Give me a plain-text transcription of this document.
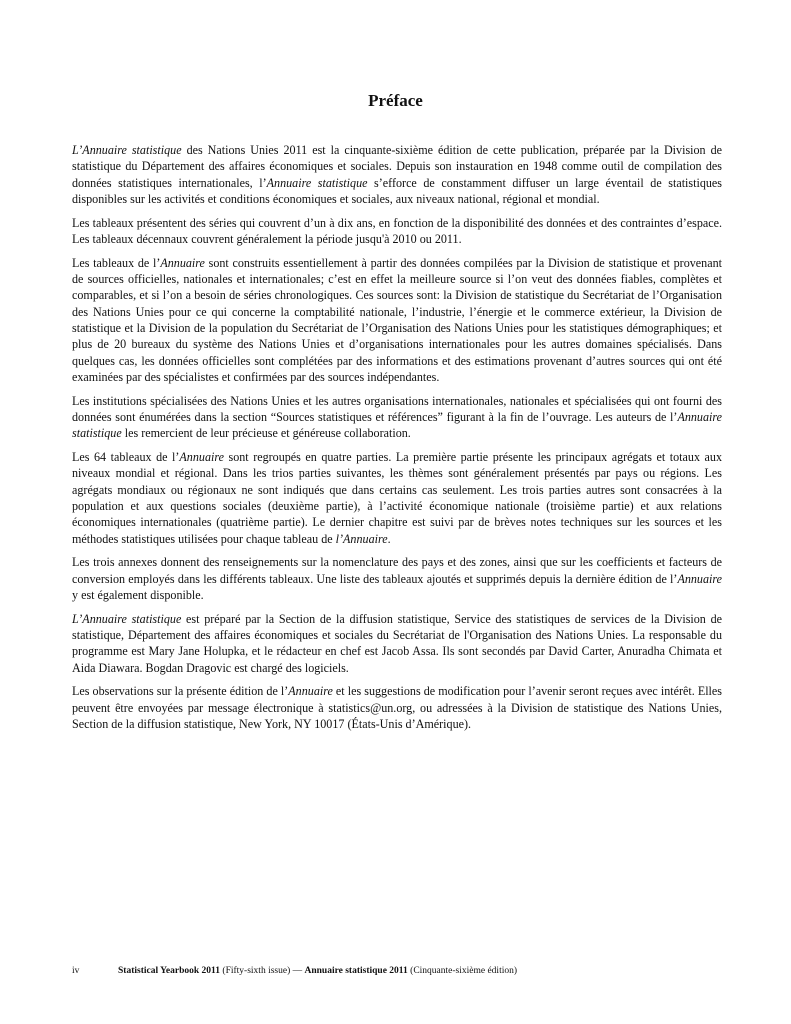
Préface

L’Annuaire statistique des Nations Unies 2011 est la cinquante-sixième édition de cette publication, préparée par la Division de statistique du Département des affaires économiques et sociales. Depuis son instauration en 1948 comme outil de compilation des données statistiques internationales, l’Annuaire statistique s’efforce de constamment diffuser un large éventail de statistiques disponibles sur les activités et conditions économiques et sociales, aux niveaux national, régional et mondial.

Les tableaux présentent des séries qui couvrent d’un à dix ans, en fonction de la disponibilité des données et des contraintes d’espace. Les tableaux décennaux couvrent généralement la période jusqu'à 2010 ou 2011.

Les tableaux de l’Annuaire sont construits essentiellement à partir des données compilées par la Division de statistique et provenant de sources officielles, nationales et internationales; c’est en effet la meilleure source si l’on veut des données fiables, complètes et comparables, et si l’on a besoin de séries chronologiques. Ces sources sont: la Division de statistique du Secrétariat de l’Organisation des Nations Unies pour ce qui concerne la comptabilité nationale, l’industrie, l’énergie et le commerce extérieur, la Division de statistique et la Division de la population du Secrétariat de l’Organisation des Nations Unies pour les statistiques démographiques; et plus de 20 bureaux du système des Nations Unies et d’organisations internationales pour les autres domaines spécialisés. Dans quelques cas, les données officielles sont complétées par des informations et des estimations provenant d’autres sources qui ont été examinées par des spécialistes et confirmées par des sources indépendantes.

Les institutions spécialisées des Nations Unies et les autres organisations internationales, nationales et spécialisées qui ont fourni des données sont énumérées dans la section “Sources statistiques et références” figurant à la fin de l’ouvrage. Les auteurs de l’Annuaire statistique les remercient de leur précieuse et généreuse collaboration.

Les 64 tableaux de l’Annuaire sont regroupés en quatre parties. La première partie présente les principaux agrégats et totaux aux niveaux mondial et régional. Dans les trios parties suivantes, les thèmes sont généralement présentés par pays ou régions. Les agrégats mondiaux ou régionaux ne sont indiqués que dans certains cas seulement. Les trois parties autres sont consacrées à la population et aux questions sociales (deuxième partie), à l’activité économique nationale (troisième partie) et aux relations économiques internationales (quatrième partie). Le dernier chapitre est suivi par de brèves notes techniques sur les sources et les méthodes statistiques utilisées pour chaque tableau de l’Annuaire.

Les trois annexes donnent des renseignements sur la nomenclature des pays et des zones, ainsi que sur les coefficients et facteurs de conversion employés dans les différents tableaux. Une liste des tableaux ajoutés et supprimés depuis la dernière édition de l’Annuaire y est également disponible.

L’Annuaire statistique est préparé par la Section de la diffusion statistique, Service des statistiques de services de la Division de statistique, Département des affaires économiques et sociales du Secrétariat de l'Organisation des Nations Unies. La responsable du programme est Mary Jane Holupka, et le rédacteur en chef est Jacob Assa. Ils sont secondés par David Carter, Anuradha Chimata et Aida Diawara. Bogdan Dragovic est chargé des logiciels.

Les observations sur la présente édition de l’Annuaire et les suggestions de modification pour l’avenir seront reçues avec intérêt. Elles peuvent être envoyées par message électronique à statistics@un.org, ou adressées à la Division de statistique des Nations Unies, Section de la diffusion statistique, New York, NY 10017 (États-Unis d’Amérique).

iv	Statistical Yearbook 2011 (Fifty-sixth issue) — Annuaire statistique 2011 (Cinquante-sixième édition)
